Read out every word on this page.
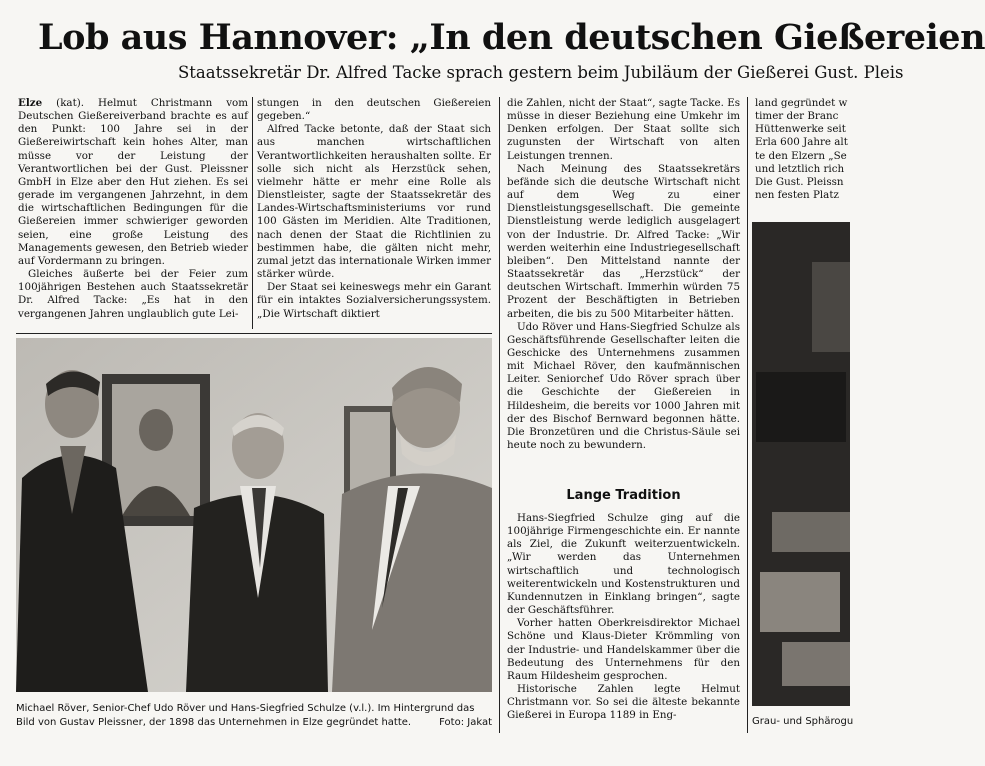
Lob aus Hannover: „In den deutschen Gießereien
Staatssekretär Dr. Alfred Tacke sprach gestern beim Jubiläum der Gießerei Gust. Pleis

Elze (kat). Helmut Christmann vom Deutschen Gießereiverband brachte es auf den Punkt: 100 Jahre sei in der Gießereiwirtschaft kein hohes Alter, man müsse vor der Leistung der Verantwortlichen bei der Gust. Pleissner GmbH in Elze aber den Hut ziehen. Es sei gerade im vergangenen Jahrzehnt, in dem die wirtschaftlichen Bedingungen für die Gießereien immer schwieriger geworden seien, eine große Leistung des Managements gewesen, den Betrieb wieder auf Vordermann zu bringen.

Gleiches äußerte bei der Feier zum 100jährigen Bestehen auch Staatssekretär Dr. Alfred Tacke: „Es hat in den vergangenen Jahren unglaublich gute Lei-

stungen in den deutschen Gießereien gegeben.“

Alfred Tacke betonte, daß der Staat sich aus manchen wirtschaftlichen Verantwortlichkeiten heraushalten sollte. Er solle sich nicht als Herzstück sehen, vielmehr hätte er mehr eine Rolle als Dienstleister, sagte der Staatssekretär des Landes-Wirtschaftsministeriums vor rund 100 Gästen im Meridien. Alte Traditionen, nach denen der Staat die Richtlinien zu bestimmen habe, die gälten nicht mehr, zumal jetzt das internationale Wirken immer stärker würde.

Der Staat sei keineswegs mehr ein Garant für ein intaktes Sozialversicherungssystem. „Die Wirtschaft diktiert

die Zahlen, nicht der Staat“, sagte Tacke. Es müsse in dieser Beziehung eine Umkehr im Denken erfolgen. Der Staat sollte sich zugunsten der Wirtschaft von alten Leistungen trennen.

Nach Meinung des Staatssekretärs befände sich die deutsche Wirtschaft nicht auf dem Weg zu einer Dienstleistungsgesellschaft. Die gemeinte Dienstleistung werde lediglich ausgelagert von der Industrie. Dr. Alfred Tacke: „Wir werden weiterhin eine Industriegesellschaft bleiben“. Den Mittelstand nannte der Staatssekretär das „Herzstück“ der deutschen Wirtschaft. Immerhin würden 75 Prozent der Beschäftigten in Betrieben arbeiten, die bis zu 500 Mitarbeiter hätten.

Udo Röver und Hans-Siegfried Schulze als Geschäftsführende Gesellschafter leiten die Geschicke des Unternehmens zusammen mit Michael Röver, den kaufmännischen Leiter. Seniorchef Udo Röver sprach über die Geschichte der Gießereien in Hildesheim, die bereits vor 1000 Jahren mit der des Bischof Bernward begonnen hätte. Die Bronzetüren und die Christus-Säule sei heute noch zu bewundern.

Lange Tradition

Hans-Siegfried Schulze ging auf die 100jährige Firmengeschichte ein. Er nannte als Ziel, die Zukunft weiterzuentwickeln. „Wir werden das Unternehmen wirtschaftlich und technologisch weiterentwickeln und Kostenstrukturen und Kundennutzen in Einklang bringen“, sagte der Geschäftsführer.

Vorher hatten Oberkreisdirektor Michael Schöne und Klaus-Dieter Krömmling von der Industrie- und Handelskammer über die Bedeutung des Unternehmens für den Raum Hildesheim gesprochen.

Historische Zahlen legte Helmut Christmann vor. So sei die älteste bekannte Gießerei in Europa 1189 in Eng-

land gegründet w
timer der Branc
Hüttenwerke seit
Erla 600 Jahre alt
te den Elzern „Se
und letztlich rich
Die Gust. Pleissn
nen festen Platz
Michael Röver, Senior-Chef Udo Röver und Hans-Siegfried Schulze (v.l.). Im Hintergrund das Bild von Gustav Pleissner, der 1898 das Unternehmen in Elze gegründet hatte.	Foto: Jakat	Grau- und Sphärogu
